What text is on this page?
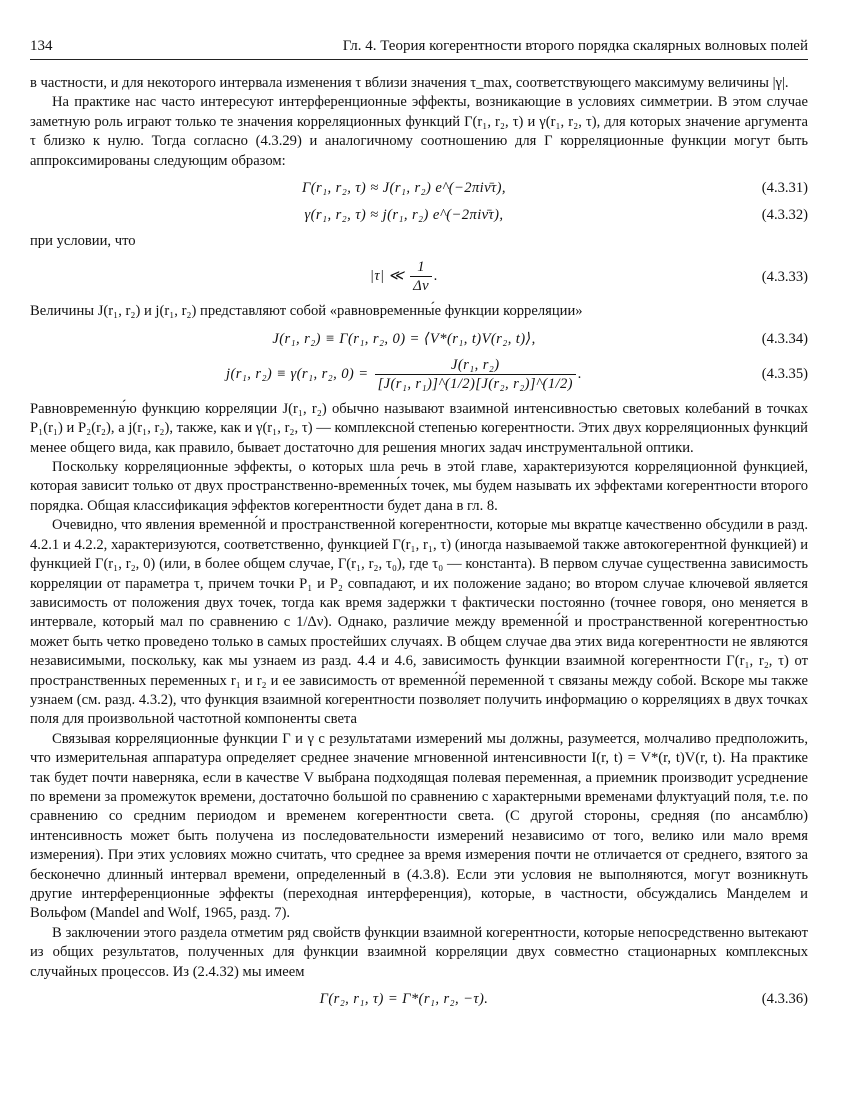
134	Гл. 4. Теория когерентности второго порядка скалярных волновых полей

в частности, и для некоторого интервала изменения τ вблизи значения τ_max, соответствующего максимуму величины |γ|.

На практике нас часто интересуют интерференционные эффекты, возникающие в условиях симметрии. В этом случае заметную роль играют только те значения корреляционных функций Γ(r₁, r₂, τ) и γ(r₁, r₂, τ), для которых значение аргумента τ близко к нулю. Тогда согласно (4.3.29) и аналогичному соотношению для Γ корреляционные функции могут быть аппроксимированы следующим образом:

Γ(r₁, r₂, τ) ≈ J(r₁, r₂) e^(−2πiν̄τ),	(4.3.31)
γ(r₁, r₂, τ) ≈ j(r₁, r₂) e^(−2πiν̄τ),	(4.3.32)

при условии, что

|τ| ≪ $\frac{1}{\Delta\nu}$ .	(4.3.33)

Величины J(r₁, r₂) и j(r₁, r₂) представляют собой «равновременны́е функции корреляции»

J(r₁, r₂) ≡ Γ(r₁, r₂, 0) = ⟨V*(r₁, t)V(r₂, t)⟩,	(4.3.34)
j(r₁, r₂) ≡ γ(r₁, r₂, $0) = \frac{\text{J(r₁, r₂)}}{\text{[J(r₁, r₁)]\textasciicircum{}(1/2)[J(r₂, r₂)]\textasciicircum{}(1/2)}}$ .	(4.3.35)

Равновременну́ю функцию корреляции J(r₁, r₂) обычно называют взаимной интенсивностью световых колебаний в точках P₁(r₁) и P₂(r₂), а j(r₁, r₂), также, как и γ(r₁, r₂, τ) — комплексной степенью когерентности. Этих двух корреляционных функций менее общего вида, как правило, бывает достаточно для решения многих задач инструментальной оптики.

Поскольку корреляционные эффекты, о которых шла речь в этой главе, характеризуются корреляционной функцией, которая зависит только от двух пространственно-временны́х точек, мы будем называть их эффектами когерентности второго порядка. Общая классификация эффектов когерентности будет дана в гл. 8.

Очевидно, что явления временно́й и пространственной когерентности, которые мы вкратце качественно обсудили в разд. 4.2.1 и 4.2.2, характеризуются, соответственно, функцией Γ(r₁, r₁, τ) (иногда называемой также автокогерентной функцией) и функцией Γ(r₁, r₂, 0) (или, в более общем случае, Γ(r₁, r₂, τ₀), где τ₀ — константа). В первом случае существенна зависимость корреляции от параметра τ, причем точки P₁ и P₂ совпадают, и их положение задано; во втором случае ключевой является зависимость от положения двух точек, тогда как время задержки τ фактически постоянно (точнее говоря, оно меняется в интервале, который мал по сравнению с 1/Δν). Однако, различие между временно́й и пространственной когерентностью может быть четко проведено только в самых простейших случаях. В общем случае два этих вида когерентности не являются независимыми, поскольку, как мы узнаем из разд. 4.4 и 4.6, зависимость функции взаимной когерентности Γ(r₁, r₂, τ) от пространственных переменных r₁ и r₂ и ее зависимость от временно́й переменной τ связаны между собой. Вскоре мы также узнаем (см. разд. 4.3.2), что функция взаимной когерентности позволяет получить информацию о корреляциях в двух точках поля для произвольной частотной компоненты света

Связывая корреляционные функции Γ и γ с результатами измерений мы должны, разумеется, молчаливо предположить, что измерительная аппаратура определяет среднее значение мгновенной интенсивности I(r, t) = V*(r, t)V(r, t). На практике так будет почти наверняка, если в качестве V выбрана подходящая полевая переменная, а приемник производит усреднение по времени за промежуток времени, достаточно большой по сравнению с характерными временами флуктуаций поля, т.е. по сравнению со средним периодом и временем когерентности света. (С другой стороны, средняя (по ансамблю) интенсивность может быть получена из последовательности измерений независимо от того, велико или мало время измерения). При этих условиях можно считать, что среднее за время измерения почти не отличается от среднего, взятого за бесконечно длинный интервал времени, определенный в (4.3.8). Если эти условия не выполняются, могут возникнуть другие интерференционные эффекты (переходная интерференция), которые, в частности, обсуждались Манделем и Вольфом (Mandel and Wolf, 1965, разд. 7).

В заключении этого раздела отметим ряд свойств функции взаимной когерентности, которые непосредственно вытекают из общих результатов, полученных для функции взаимной корреляции двух совместно стационарных комплексных случайных процессов. Из (2.4.32) мы имеем

Γ(r₂, r₁, τ) = Γ*(r₁, r₂, −τ).	(4.3.36)
